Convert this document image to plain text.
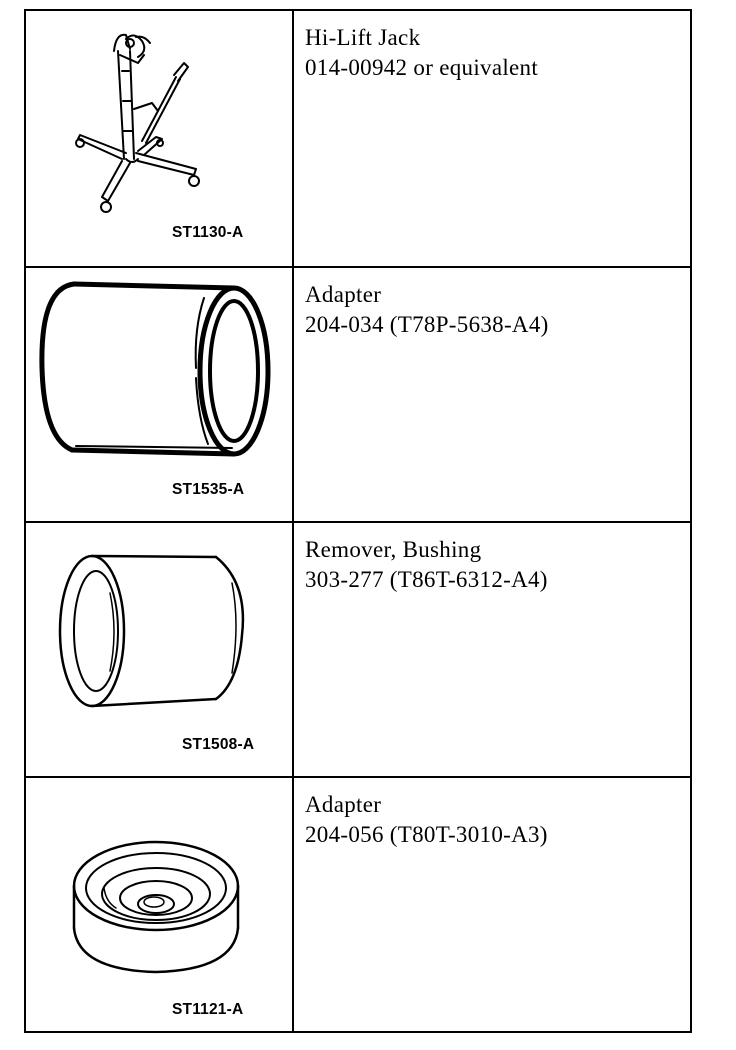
ST1130-A
Hi-Lift Jack
014-00942 or equivalent
ST1535-A
Adapter
204-034 (T78P-5638-A4)
ST1508-A
Remover, Bushing
303-277 (T86T-6312-A4)
ST1121-A
Adapter
204-056 (T80T-3010-A3)
